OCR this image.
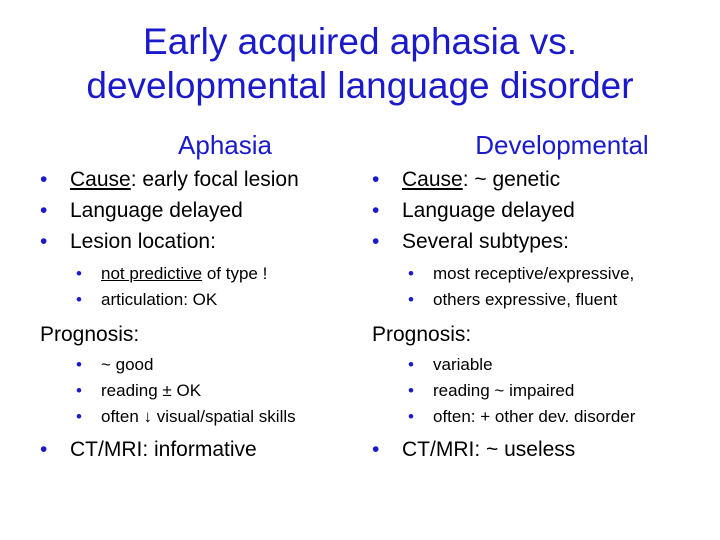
Early acquired aphasia vs.
developmental language disorder
Aphasia
• Cause: early focal lesion
• Language delayed
• Lesion location:
• not predictive of type !
• articulation: OK
Prognosis:
• ~ good
• reading ± OK
• often ↓ visual/spatial skills
• CT/MRI: informative
Developmental
• Cause: ~ genetic
• Language delayed
• Several subtypes:
• most receptive/expressive,
• others expressive, fluent
Prognosis:
• variable
• reading ~ impaired
• often: + other dev. disorder
• CT/MRI: ~ useless
